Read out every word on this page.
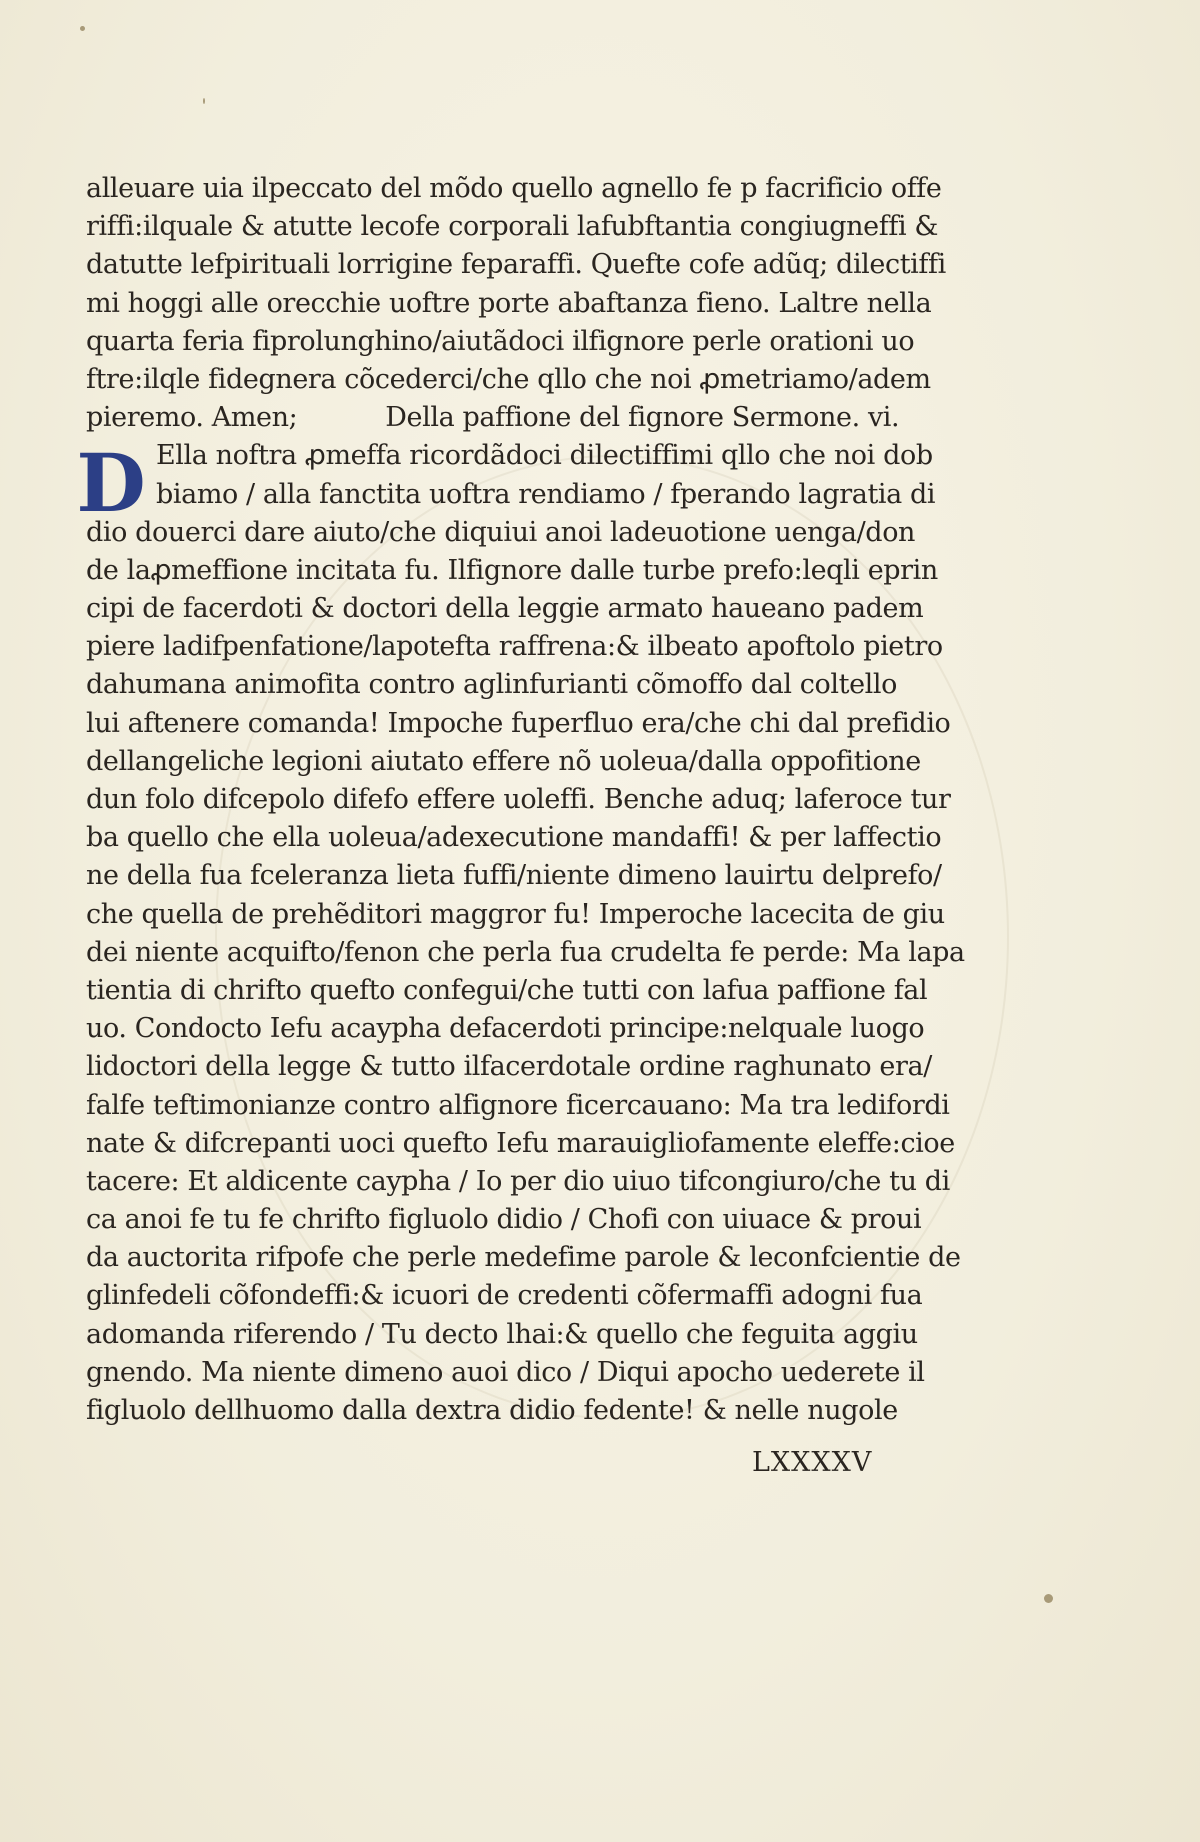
alleuare uia ilpeccato del mõdo quello agnello fe p facrificio offe
riffi:ilquale & atutte lecofe corporali lafubftantia congiugneffi &
datutte lefpirituali lorrigine feparaffi. Quefte cofe adũq; dilectiffi
mi hoggi alle orecchie uoftre porte abaftanza fieno. Laltre nella
quarta feria fiprolunghino/aiutãdoci ilfignore perle orationi uo
ftre:ilqle fidegnera cõcederci/che qllo che noi ꝓmetriamo/adem
pieremo. Amen;	Della paffione del fignore Sermone. vi.
Ella noftra ꝓmeffa ricordãdoci dilectiffimi qllo che noi dob
biamo / alla fanctita uoftra rendiamo / fperando lagratia di
dio douerci dare aiuto/che diquiui anoi ladeuotione uenga/don
de laꝓmeffione incitata fu. Ilfignore dalle turbe prefo:leqli eprin
cipi de facerdoti & doctori della leggie armato haueano padem
piere ladifpenfatione/lapotefta raffrena:& ilbeato apoftolo pietro
dahumana animofita contro aglinfurianti cõmoffo dal coltello
lui aftenere comanda! Impoche fuperfluo era/che chi dal prefidio
dellangeliche legioni aiutato effere nõ uoleua/dalla oppofitione
dun folo difcepolo difefo effere uoleffi. Benche aduq; laferoce tur
ba quello che ella uoleua/adexecutione mandaffi! & per laffectio
ne della fua fceleranza lieta fuffi/niente dimeno lauirtu delprefo/
che quella de prehẽditori maggror fu! Imperoche lacecita de giu
dei niente acquifto/fenon che perla fua crudelta fe perde: Ma lapa
tientia di chrifto quefto confegui/che tutti con lafua paffione fal
uo. Condocto Iefu acaypha defacerdoti principe:nelquale luogo
lidoctori della legge & tutto ilfacerdotale ordine raghunato era/
falfe teftimonianze contro alfignore ficercauano: Ma tra ledifordi
nate & difcrepanti uoci quefto Iefu marauigliofamente eleffe:cioe
tacere: Et aldicente caypha / Io per dio uiuo tifcongiuro/che tu di
ca anoi fe tu fe chrifto figluolo didio / Chofi con uiuace & proui
da auctorita rifpofe che perle medefime parole & leconfcientie de
glinfedeli cõfondeffi:& icuori de credenti cõfermaffi adogni fua
adomanda riferendo / Tu decto lhai:& quello che feguita aggiu
gnendo. Ma niente dimeno auoi dico / Diqui apocho uederete il
figluolo dellhuomo dalla dextra didio fedente! & nelle nugole
D
LXXXXV
